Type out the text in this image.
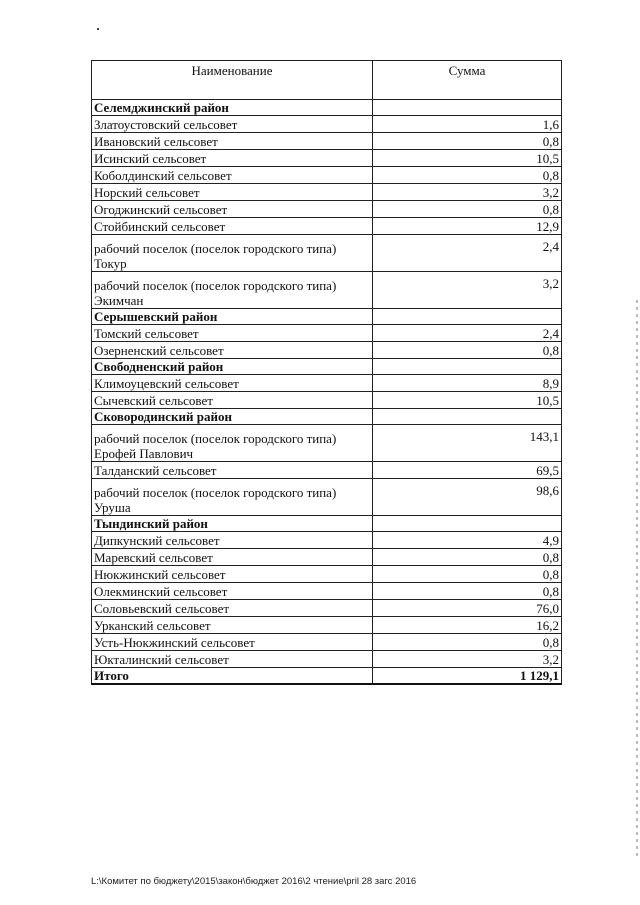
Наименование	Сумма
Селемджинский район	
Златоустовский сельсовет	1,6
Ивановский сельсовет	0,8
Исинский сельсовет	10,5
Коболдинский сельсовет	0,8
Норский сельсовет	3,2
Огоджинский сельсовет	0,8
Стойбинский сельсовет	12,9
рабочий поселок (поселок городского типа) Токур	2,4
рабочий поселок (поселок городского типа) Экимчан	3,2
Серышевский район	
Томский сельсовет	2,4
Озерненский сельсовет	0,8
Свободненский район	
Климоуцевский сельсовет	8,9
Сычевский сельсовет	10,5
Сковородинский район	
рабочий поселок (поселок городского типа) Ерофей Павлович	143,1
Талданский сельсовет	69,5
рабочий поселок (поселок городского типа) Уруша	98,6
Тындинский район	
Дипкунский сельсовет	4,9
Маревский сельсовет	0,8
Нюкжинский сельсовет	0,8
Олекминский сельсовет	0,8
Соловьевский сельсовет	76,0
Урканский сельсовет	16,2
Усть-Нюкжинский сельсовет	0,8
Юкталинский сельсовет	3,2
Итого	1 129,1
L:\Комитет по бюджету\2015\закон\бюджет 2016\2 чтение\pril 28 загс 2016
